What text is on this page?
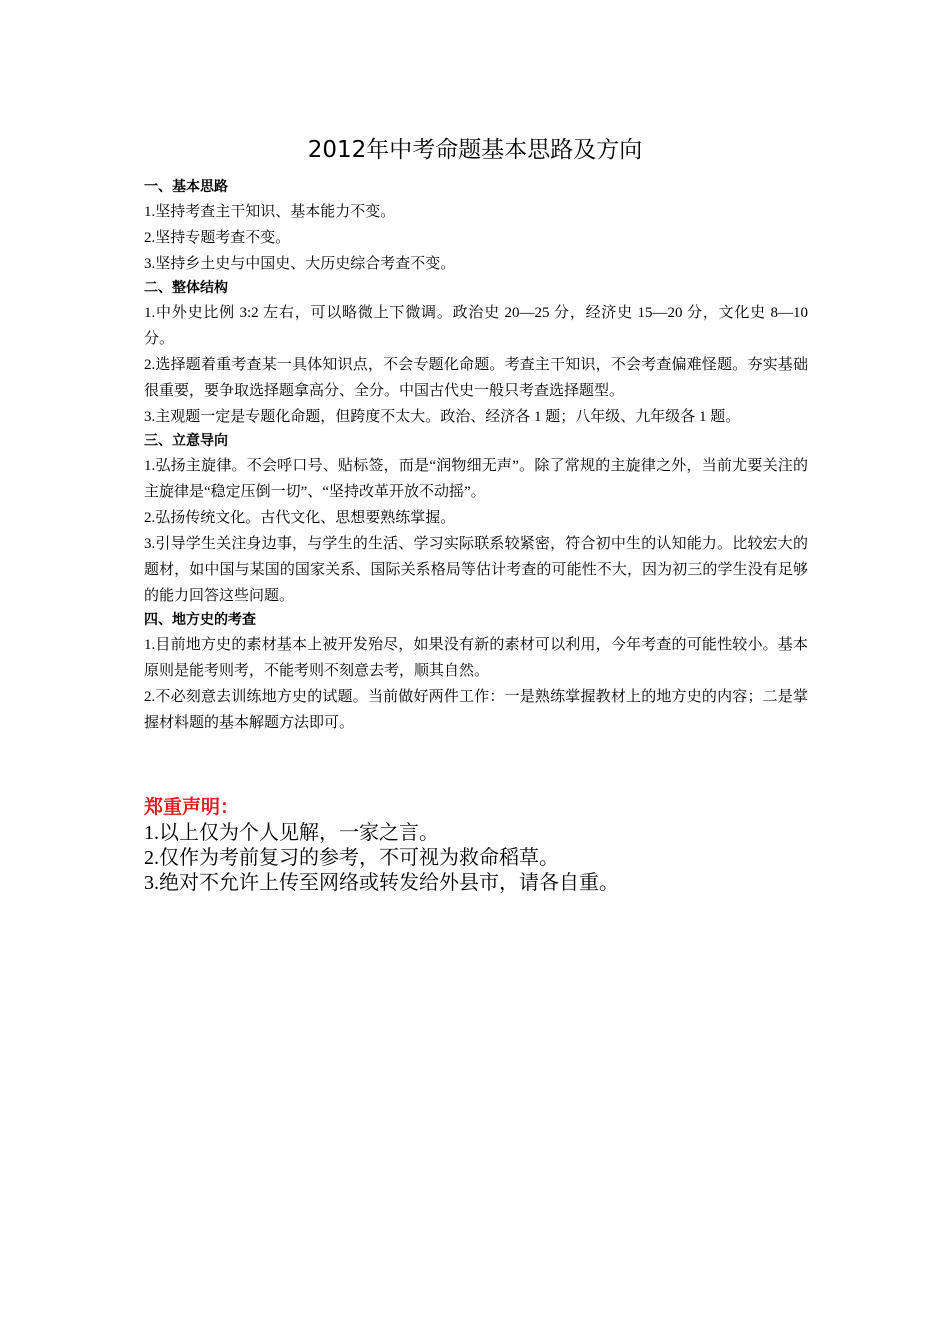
2012年中考命题基本思路及方向

一、基本思路

1.坚持考查主干知识、基本能力不变。

2.坚持专题考查不变。

3.坚持乡土史与中国史、大历史综合考查不变。

二、整体结构

1.中外史比例 3:2 左右，可以略微上下微调。政治史 20—25 分，经济史 15—20 分，文化史 8—10 分。

2.选择题着重考查某一具体知识点，不会专题化命题。考查主干知识，不会考查偏难怪题。夯实基础很重要，要争取选择题拿高分、全分。中国古代史一般只考查选择题型。

3.主观题一定是专题化命题，但跨度不太大。政治、经济各 1 题；八年级、九年级各 1 题。

三、立意导向

1.弘扬主旋律。不会呼口号、贴标签，而是“润物细无声”。除了常规的主旋律之外，当前尤要关注的主旋律是“稳定压倒一切”、“坚持改革开放不动摇”。

2.弘扬传统文化。古代文化、思想要熟练掌握。

3.引导学生关注身边事，与学生的生活、学习实际联系较紧密，符合初中生的认知能力。比较宏大的题材，如中国与某国的国家关系、国际关系格局等估计考查的可能性不大，因为初三的学生没有足够的能力回答这些问题。

四、地方史的考查

1.目前地方史的素材基本上被开发殆尽，如果没有新的素材可以利用，今年考查的可能性较小。基本原则是能考则考，不能考则不刻意去考，顺其自然。

2.不必刻意去训练地方史的试题。当前做好两件工作：一是熟练掌握教材上的地方史的内容；二是掌握材料题的基本解题方法即可。

郑重声明：

1.以上仅为个人见解，一家之言。

2.仅作为考前复习的参考，不可视为救命稻草。

3.绝对不允许上传至网络或转发给外县市，请各自重。
